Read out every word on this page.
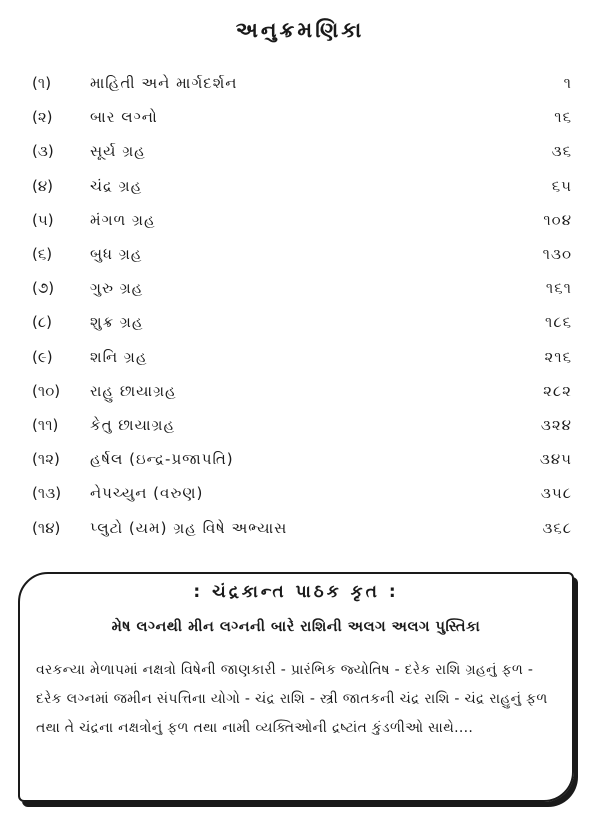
અનુક્રમણિકા
(૧)	માહિતી અને માર્ગદર્શન	૧
(૨)	બાર લગ્નો	૧૬
(૩)	સૂર્ય ગ્રહ	૩૬
(૪)	ચંદ્ર ગ્રહ	૬૫
(૫)	મંગળ ગ્રહ	૧૦૪
(૬)	બુધ ગ્રહ	૧૩૦
(૭)	ગુરુ ગ્રહ	૧૬૧
(૮)	શુક્ર ગ્રહ	૧૮૬
(૯)	શનિ ગ્રહ	૨૧૬
(૧૦)	રાહુ છાયાગ્રહ	૨૮૨
(૧૧)	કેતુ છાયાગ્રહ	૩૨૪
(૧૨)	હર્ષલ (ઇન્દ્ર-પ્રજાપતિ)	૩૪૫
(૧૩)	નેપચ્યુન (વરુણ)	૩૫૮
(૧૪)	પ્લુટો (યમ) ગ્રહ વિષે અભ્યાસ	૩૬૮
: ચંદ્રકાન્ત પાઠક કૃત :
મેષ લગ્નથી મીન લગ્નની બારે રાશિની અલગ અલગ પુસ્તિકા

વરકન્યા મેળાપમાં નક્ષત્રો વિષેની જાણકારી - પ્રારંભિક જ્યોતિષ - દરેક રાશિ ગ્રહનું ફળ - દરેક લગ્નમાં જમીન સંપત્તિના યોગો - ચંદ્ર રાશિ - સ્ત્રી જાતકની ચંદ્ર રાશિ - ચંદ્ર રાહુનું ફળ તથા તે ચંદ્રના નક્ષત્રોનું ફળ તથા નામી વ્યક્તિઓની દ્રષ્ટાંત કુંડળીઓ સાથે....
